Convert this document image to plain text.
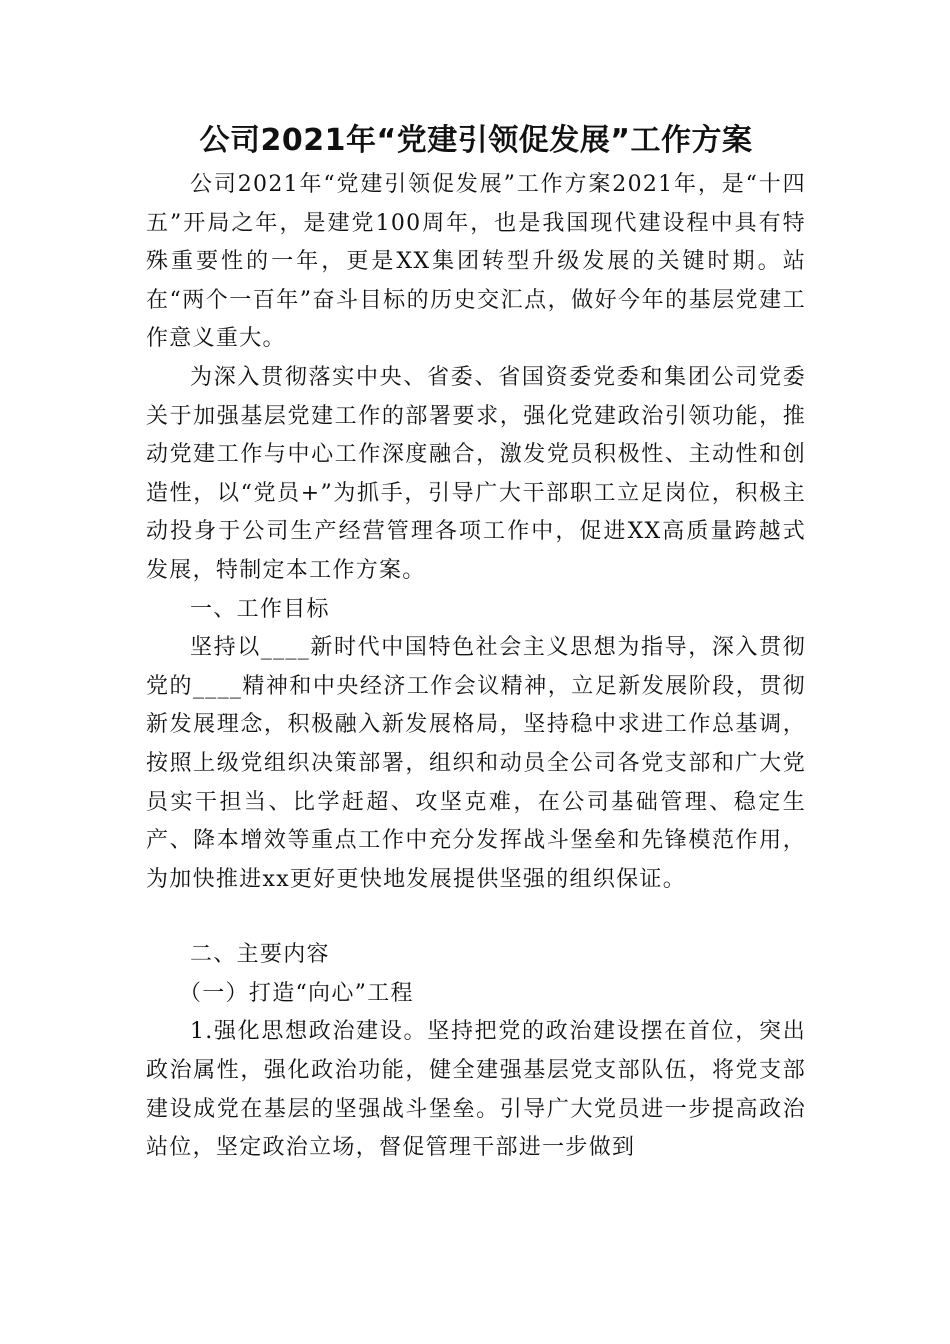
公司2021年“党建引领促发展”工作方案

公司2021年“党建引领促发展”工作方案2021年，是“十四五”开局之年，是建党100周年，也是我国现代建设程中具有特殊重要性的一年，更是XX集团转型升级发展的关键时期。站在“两个一百年”奋斗目标的历史交汇点，做好今年的基层党建工作意义重大。

为深入贯彻落实中央、省委、省国资委党委和集团公司党委关于加强基层党建工作的部署要求，强化党建政治引领功能，推动党建工作与中心工作深度融合，激发党员积极性、主动性和创造性，以“党员+”为抓手，引导广大干部职工立足岗位，积极主动投身于公司生产经营管理各项工作中，促进XX高质量跨越式发展，特制定本工作方案。

一、工作目标

坚持以____新时代中国特色社会主义思想为指导，深入贯彻党的____精神和中央经济工作会议精神，立足新发展阶段，贯彻新发展理念，积极融入新发展格局，坚持稳中求进工作总基调，按照上级党组织决策部署，组织和动员全公司各党支部和广大党员实干担当、比学赶超、攻坚克难，在公司基础管理、稳定生产、降本增效等重点工作中充分发挥战斗堡垒和先锋模范作用，为加快推进xx更好更快地发展提供坚强的组织保证。

二、主要内容

（一）打造“向心”工程

1.强化思想政治建设。坚持把党的政治建设摆在首位，突出政治属性，强化政治功能，健全建强基层党支部队伍，将党支部建设成党在基层的坚强战斗堡垒。引导广大党员进一步提高政治站位，坚定政治立场，督促管理干部进一步做到
